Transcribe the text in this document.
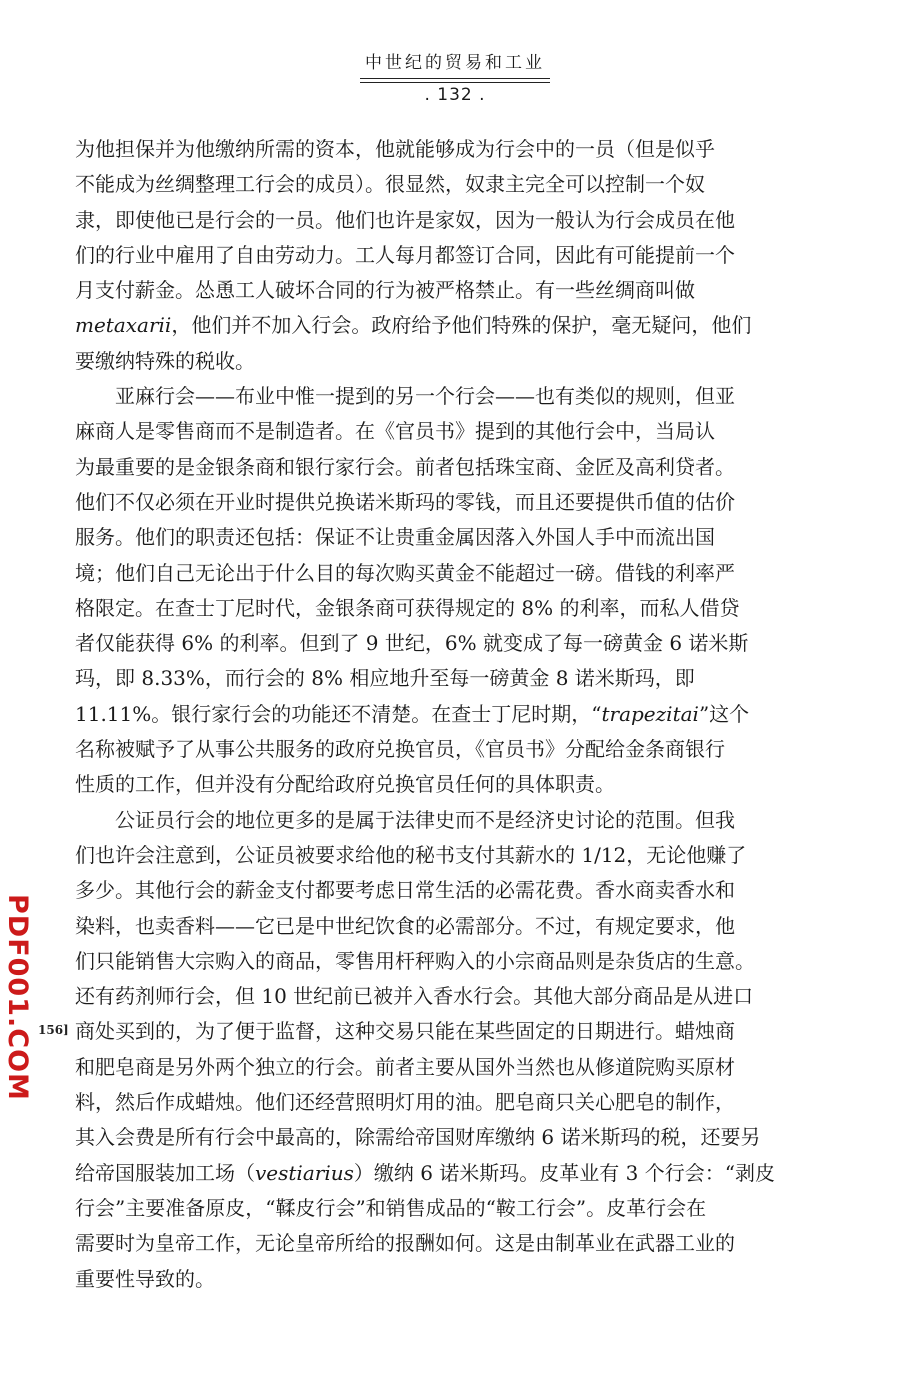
中世纪的贸易和工业
. 132 .
为他担保并为他缴纳所需的资本，他就能够成为行会中的一员（但是似乎
不能成为丝绸整理工行会的成员）。很显然，奴隶主完全可以控制一个奴
隶，即使他已是行会的一员。他们也许是家奴，因为一般认为行会成员在他
们的行业中雇用了自由劳动力。工人每月都签订合同，因此有可能提前一个
月支付薪金。怂恿工人破坏合同的行为被严格禁止。有一些丝绸商叫做
metaxarii，他们并不加入行会。政府给予他们特殊的保护，毫无疑问，他们
要缴纳特殊的税收。
　　亚麻行会——布业中惟一提到的另一个行会——也有类似的规则，但亚
麻商人是零售商而不是制造者。在《官员书》提到的其他行会中，当局认
为最重要的是金银条商和银行家行会。前者包括珠宝商、金匠及高利贷者。
他们不仅必须在开业时提供兑换诺米斯玛的零钱，而且还要提供币值的估价
服务。他们的职责还包括：保证不让贵重金属因落入外国人手中而流出国
境；他们自己无论出于什么目的每次购买黄金不能超过一磅。借钱的利率严
格限定。在查士丁尼时代，金银条商可获得规定的 8% 的利率，而私人借贷
者仅能获得 6% 的利率。但到了 9 世纪，6% 就变成了每一磅黄金 6 诺米斯
玛，即 8.33%，而行会的 8% 相应地升至每一磅黄金 8 诺米斯玛，即
11.11%。银行家行会的功能还不清楚。在查士丁尼时期，“trapezitai”这个
名称被赋予了从事公共服务的政府兑换官员，《官员书》分配给金条商银行
性质的工作，但并没有分配给政府兑换官员任何的具体职责。
　　公证员行会的地位更多的是属于法律史而不是经济史讨论的范围。但我
们也许会注意到，公证员被要求给他的秘书支付其薪水的 1/12，无论他赚了
多少。其他行会的薪金支付都要考虑日常生活的必需花费。香水商卖香水和
染料，也卖香料——它已是中世纪饮食的必需部分。不过，有规定要求，他
们只能销售大宗购入的商品，零售用杆秤购入的小宗商品则是杂货店的生意。
还有药剂师行会，但 10 世纪前已被并入香水行会。其他大部分商品是从进口
商处买到的，为了便于监督，这种交易只能在某些固定的日期进行。蜡烛商
和肥皂商是另外两个独立的行会。前者主要从国外当然也从修道院购买原材
料，然后作成蜡烛。他们还经营照明灯用的油。肥皂商只关心肥皂的制作，
其入会费是所有行会中最高的，除需给帝国财库缴纳 6 诺米斯玛的税，还要另
给帝国服装加工场（vestiarius）缴纳 6 诺米斯玛。皮革业有 3 个行会：“剥皮
行会”主要准备原皮，“鞣皮行会”和销售成品的“鞍工行会”。皮革行会在
需要时为皇帝工作，无论皇帝所给的报酬如何。这是由制革业在武器工业的
重要性导致的。
PDF001.COM 156]
